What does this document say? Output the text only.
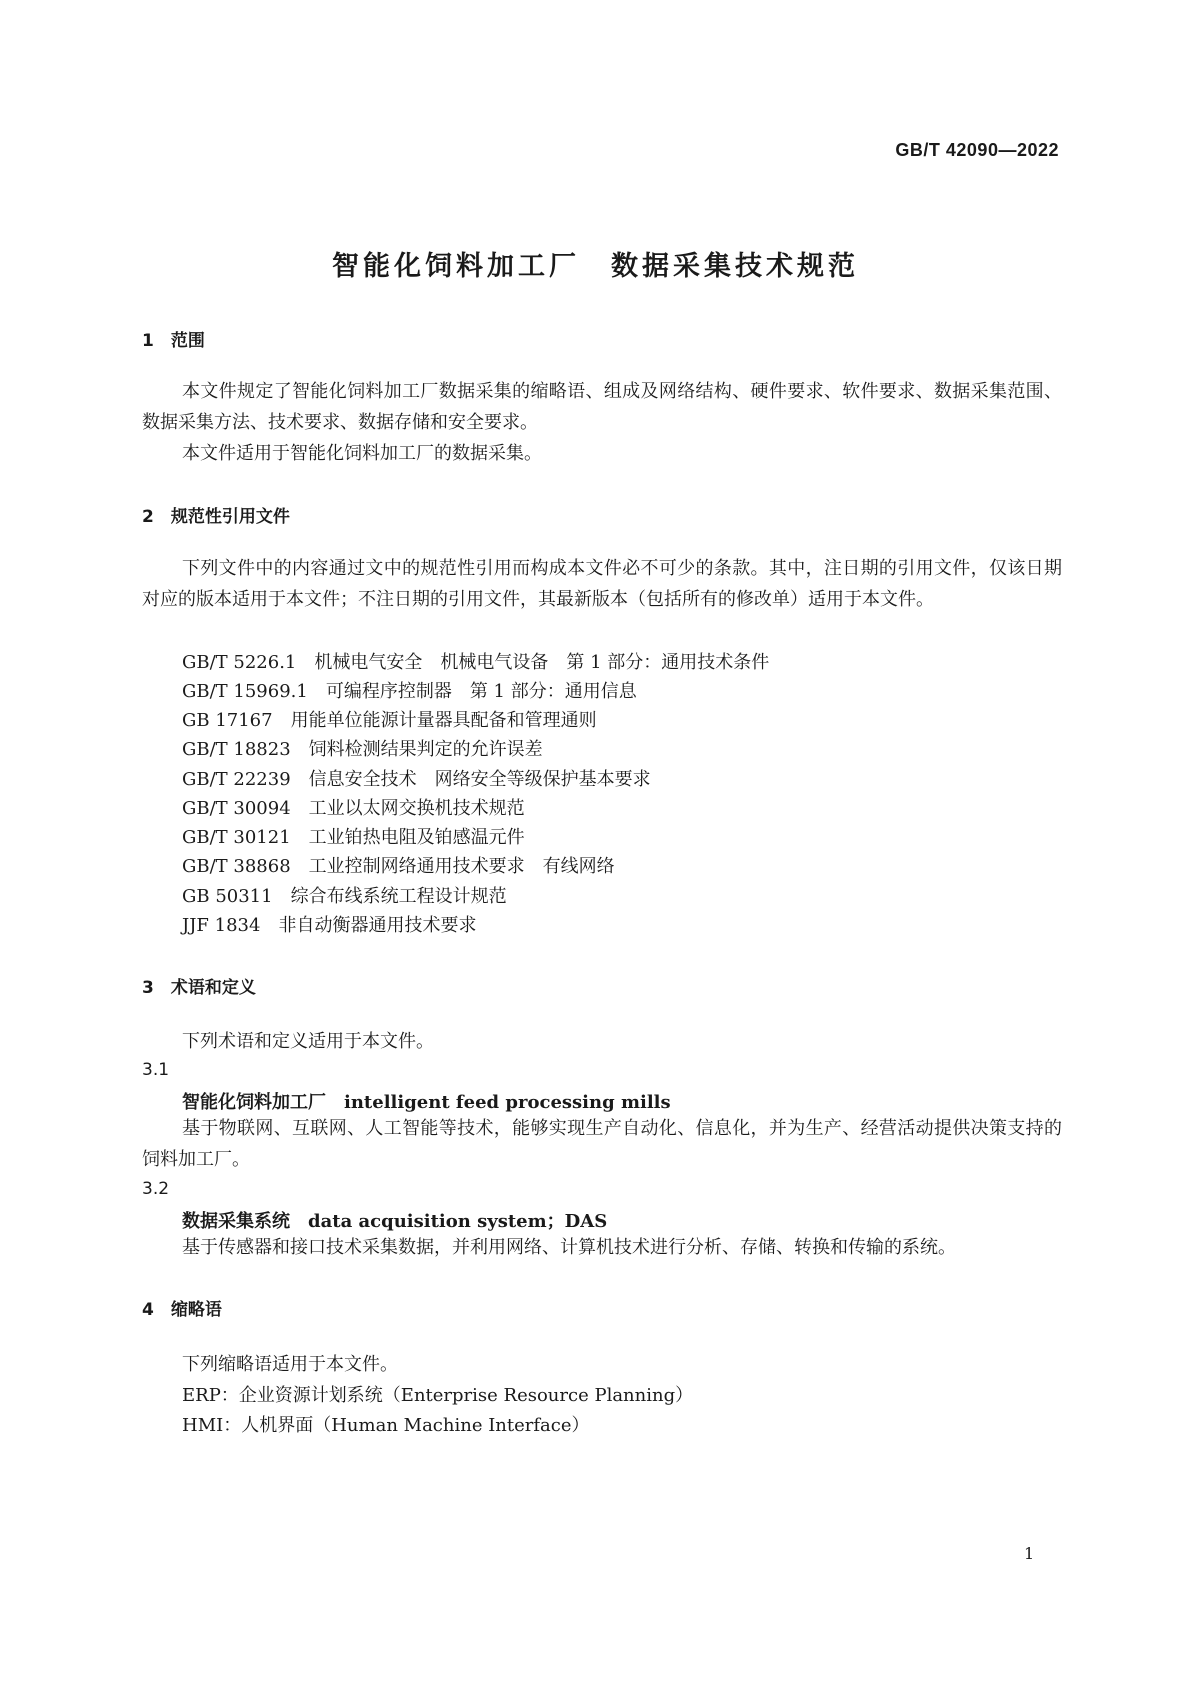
GB/T 42090—2022
智能化饲料加工厂　数据采集技术规范
1　范围
本文件规定了智能化饲料加工厂数据采集的缩略语、组成及网络结构、硬件要求、软件要求、数据采集范围、数据采集方法、技术要求、数据存储和安全要求。
本文件适用于智能化饲料加工厂的数据采集。
2　规范性引用文件
下列文件中的内容通过文中的规范性引用而构成本文件必不可少的条款。其中，注日期的引用文件，仅该日期对应的版本适用于本文件；不注日期的引用文件，其最新版本（包括所有的修改单）适用于本文件。
GB/T 5226.1　机械电气安全　机械电气设备　第 1 部分：通用技术条件
GB/T 15969.1　可编程序控制器　第 1 部分：通用信息
GB 17167　用能单位能源计量器具配备和管理通则
GB/T 18823　饲料检测结果判定的允许误差
GB/T 22239　信息安全技术　网络安全等级保护基本要求
GB/T 30094　工业以太网交换机技术规范
GB/T 30121　工业铂热电阻及铂感温元件
GB/T 38868　工业控制网络通用技术要求　有线网络
GB 50311　综合布线系统工程设计规范
JJF 1834　非自动衡器通用技术要求
3　术语和定义
下列术语和定义适用于本文件。
3.1
智能化饲料加工厂　intelligent feed processing mills
基于物联网、互联网、人工智能等技术，能够实现生产自动化、信息化，并为生产、经营活动提供决策支持的饲料加工厂。
3.2
数据采集系统　data acquisition system；DAS
基于传感器和接口技术采集数据，并利用网络、计算机技术进行分析、存储、转换和传输的系统。
4　缩略语
下列缩略语适用于本文件。
ERP：企业资源计划系统（Enterprise Resource Planning）
HMI：人机界面（Human Machine Interface）
1
